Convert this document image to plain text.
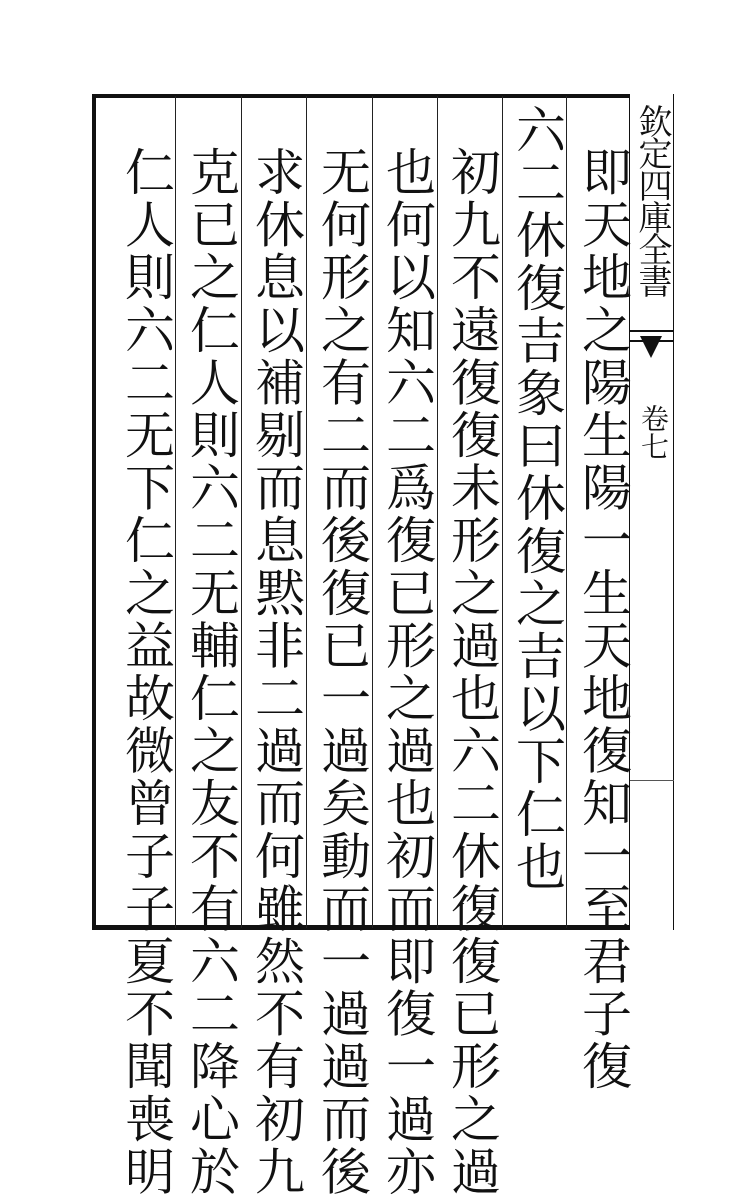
欽定四庫全書
卷七
即天地之陽生陽一生天地復知一至君子復
六二休復吉象曰休復之吉以下仁也
初九不遠復復未形之過也六二休復復已形之過
也何以知六二爲復已形之過也初而即復一過亦
无何形之有二而後復已一過矣動而一過過而後
求休息以補剔而息黙非二過而何雖然不有初九
克已之仁人則六二无輔仁之友不有六二降心於
仁人則六二无下仁之益故微曾子子夏不聞喪明
